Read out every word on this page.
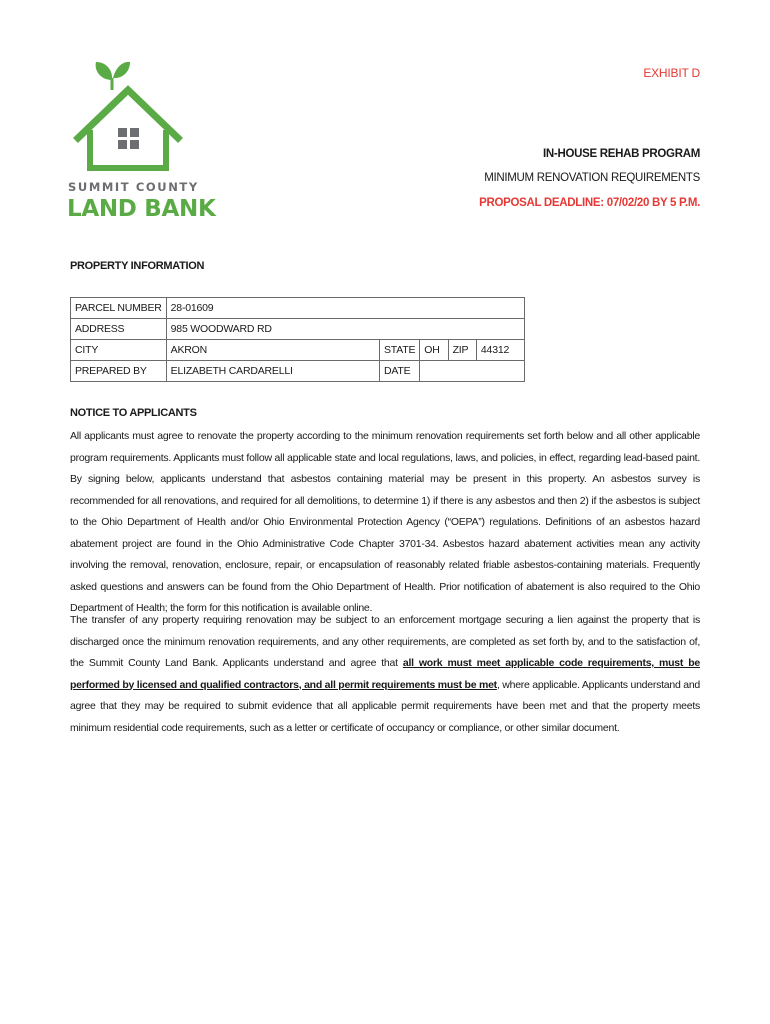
SUMMIT COUNTY
LAND BANK
EXHIBIT D
IN-HOUSE REHAB PROGRAM
MINIMUM RENOVATION REQUIREMENTS
PROPOSAL DEADLINE: 07/02/20 BY 5 P.M.
PROPERTY INFORMATION
PARCEL NUMBER	28-01609				
ADDRESS	985 WOODWARD RD				
CITY	AKRON	STATE	OH	ZIP	44312
PREPARED BY	ELIZABETH CARDARELLI	DATE			
NOTICE TO APPLICANTS
All applicants must agree to renovate the property according to the minimum renovation requirements set forth below and all other applicable program requirements. Applicants must follow all applicable state and local regulations, laws, and policies, in effect, regarding lead-based paint. By signing below, applicants understand that asbestos containing material may be present in this property. An asbestos survey is recommended for all renovations, and required for all demolitions, to determine 1) if there is any asbestos and then 2) if the asbestos is subject to the Ohio Department of Health and/or Ohio Environmental Protection Agency (“OEPA”) regulations. Definitions of an asbestos hazard abatement project are found in the Ohio Administrative Code Chapter 3701-34. Asbestos hazard abatement activities mean any activity involving the removal, renovation, enclosure, repair, or encapsulation of reasonably related friable asbestos-containing materials. Frequently asked questions and answers can be found from the Ohio Department of Health. Prior notification of abatement is also required to the Ohio Department of Health; the form for this notification is available online.
The transfer of any property requiring renovation may be subject to an enforcement mortgage securing a lien against the property that is discharged once the minimum renovation requirements, and any other requirements, are completed as set forth by, and to the satisfaction of, the Summit County Land Bank. Applicants understand and agree that all work must meet applicable code requirements, must be performed by licensed and qualified contractors, and all permit requirements must be met, where applicable. Applicants understand and agree that they may be required to submit evidence that all applicable permit requirements have been met and that the property meets minimum residential code requirements, such as a letter or certificate of occupancy or compliance, or other similar document.
